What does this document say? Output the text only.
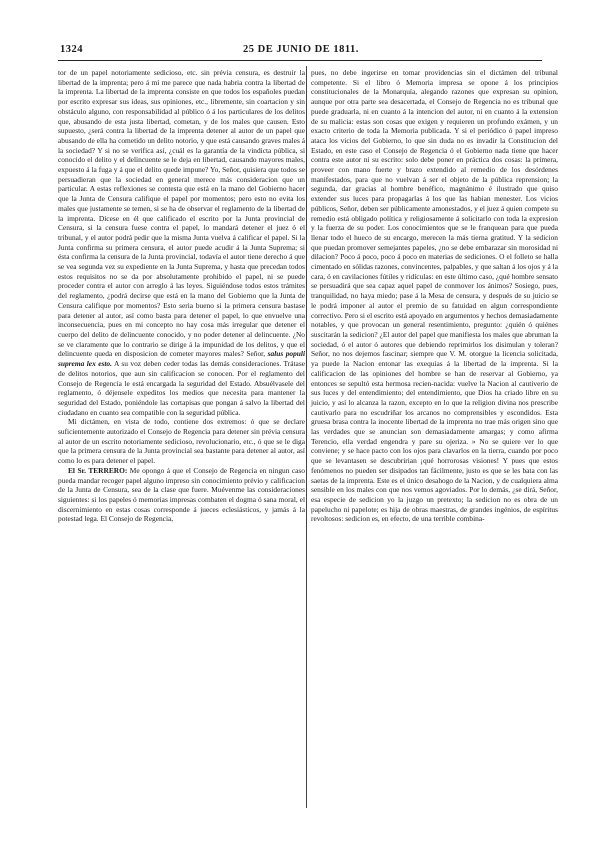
1324	25 DE JUNIO DE 1811.

tor de un papel notoriamente sedicioso, etc. sin prévia censura, es destruir la libertad de la imprenta; pero á mí me parece que nada habria contra la libertad de la imprenta. La libertad de la imprenta consiste en que todos los españoles puedan por escrito expresar sus ideas, sus opiniones, etc., libremente, sin coartacion y sin obstáculo alguno, con responsabilidad al público ó á los particulares de los delitos que, abusando de esta justa libertad, cometan, y de los males que causen. Esto supuesto, ¿será contra la libertad de la imprenta detener al autor de un papel que abusando de ella ha cometido un delito notorio, y que está causando graves males á la sociedad? Y si no se verifica así, ¿cuál es la garantía de la vindicta pública, si conocido el delito y el delincuente se le deja en libertad, causando mayores males, expuesto á la fuga y á que el delito quede impune? Yo, Señor, quisiera que todos se persuadieran que la sociedad en general merece más consideracion que un particular. A estas reflexiones se contesta que está en la mano del Gobierno hacer que la Junta de Censura califique el papel por momentos; pero esto no evita los males que justamente se temen, si se ha de observar el reglamento de la libertad de la imprenta. Dícese en él que calificado el escrito por la Junta provincial de Censura, si la censura fuese contra el papel, lo mandará detener el juez ó el tribunal, y el autor podrá pedir que la misma Junta vuelva á calificar el papel. Si la Junta confirma su primera censura, el autor puede acudir á la Junta Suprema; si ésta confirma la censura de la Junta provincial, todavía el autor tiene derecho á que se vea segunda vez su expediente en la Junta Suprema, y hasta que precedan todos estos requisitos no se da por absolutamente prohibido el papel, ni se puede proceder contra el autor con arreglo á las leyes. Siguiéndose todos estos trámites del reglamento, ¿podrá decirse que está en la mano del Gobierno que la Junta de Censura califique por momentos? Esto seria bueno si la primera censura bastase para detener al autor, así como basta para detener el papel, lo que envuelve una inconsecuencia, pues en mi concepto no hay cosa más irregular que detener el cuerpo del delito de delincuente conocido, y no poder detener al delincuente. ¿No se ve claramente que lo contrario se dirige á la impunidad de los delitos, y que el delincuente queda en disposicion de cometer mayores males? Señor, salus populi suprema lex esto. A su voz deben ceder todas las demás consideraciones. Trátase de delitos notorios, que aun sin calificacion se conocen. Por el reglamento del Consejo de Regencia le está encargada la seguridad del Estado. Absuélvasele del reglamento, ó déjensele expeditos los medios que necesita para mantener la seguridad del Estado, poniéndole las cortapisas que pongan á salvo la libertad del ciudadano en cuanto sea compatible con la seguridad pública.

Mi dictámen, en vista de todo, contiene dos extremos: ó que se declare suficientemente autorizado el Consejo de Regencia para detener sin prévia censura al autor de un escrito notoriamente sedicioso, revolucionario, etc., ó que se le diga que la primera censura de la Junta provincial sea bastante para detener al autor, así como lo es para detener el papel.

El Sr. TERRERO: Me opongo á que el Consejo de Regencia en ningun caso pueda mandar recoger papel alguno impreso sin conocimiento prévio y calificacion de la Junta de Censura, sea de la clase que fuere. Muévenme las consideraciones siguientes: si los papeles ó memorias impresas combaten el dogma ó sana moral, el discernimiento en estas cosas corresponde á jueces eclesiásticos, y jamás á la potestad lega. El Consejo de Regencia,

pues, no debe ingerirse en tomar providencias sin el dictámen del tribunal competente. Si el libro ó Memoria impresa se opone á los principios constitucionales de la Monarquía, alegando razones que expresan su opinion, aunque por otra parte sea desacertada, el Consejo de Regencia no es tribunal que puede graduarla, ni en cuanto á la intencion del autor, ni en cuanto á la extension de su malicia: estas son cosas que exigen y requieren un profundo exámen, y un exacto criterio de toda la Memoria publicada. Y si el periódico ó papel impreso ataca los vicios del Gobierno, lo que sin duda no es invadir la Constitucion del Estado, en este caso el Consejo de Regencia ó el Gobierno nada tiene que hacer contra este autor ni su escrito: solo debe poner en práctica dos cosas: la primera, proveer con mano fuerte y brazo extendido al remedio de los desórdenes manifestados, para que no vuelvan á ser el objeto de la pública reprension; la segunda, dar gracias al hombre benéfico, magnánimo é ilustrado que quiso extender sus luces para propagarlas á los que las habian menester. Los vicios públicos, Señor, deben ser públicamente amonestados, y el juez á quien compete su remedio está obligado política y religiosamente á solicitarlo con toda la expresion y la fuerza de su poder. Los conocimientos que se le franquean para que pueda llenar todo el hueco de su encargo, merecen la más tierna gratitud. Y la sedicion que puedan promover semejantes papeles, ¿no se debe embarazar sin morosidad ni dilacion? Poco á poco, poco á poco en materias de sediciones. O el folleto se halla cimentado en sólidas razones, convincentes, palpables, y que saltan á los ojos y á la cara, ó en cavilaciones fútiles y ridículas: en este último caso, ¿qué hombre sensato se persuadirá que sea capaz aquel papel de conmover los ánimos? Sosiego, pues, tranquilidad, no haya miedo; pase á la Mesa de censura, y después de su juicio se le podrá imponer al autor el premio de su fatuidad en algun correspondiente correctivo. Pero si el escrito está apoyado en argumentos y hechos demasiadamente notables, y que provocan un general resentimiento, pregunto: ¿quién ó quiénes suscitarán la sedicion? ¿El autor del papel que manifiesta los males que abruman la sociedad, ó el autor ó autores que debiendo reprimirlos los disimulan y toleran? Señor, no nos dejemos fascinar; siempre que V. M. otorgue la licencia solicitada, ya puede la Nacion entonar las exequias á la libertad de la imprenta. Si la calificacion de las opiniones del hombre se han de reservar al Gobierno, ya entonces se sepultó esta hermosa recien-nacida: vuelve la Nacion al cautiverio de sus luces y del entendimiento; del entendimiento, que Dios ha criado libre en su juicio, y así lo alcanza la razon, excepto en lo que la religion divina nos prescribe cautivarlo para no escudriñar los arcanos no comprensibles y escondidos. Esta gruesa brasa contra la inocente libertad de la imprenta no trae más origen sino que las verdades que se anuncian son demasiadamente amargas; y como afirma Terencio, ella verdad engendra y pare su ojeriza. » No se quiere ver lo que conviene; y se hace pacto con los ojos para clavarlos en la tierra, cuando por poco que se levantasen se descubririan ¡qué horrorosas visiones! Y pues que estos fenómenos no pueden ser disipados tan fácilmente, justo es que se les bata con las saetas de la imprenta. Este es el único desahogo de la Nacion, y de cualquiera alma sensible en los males con que nos vemos agoviados. Por lo demás, ¿se dirá, Señor, esa especie de sedicion yo la juzgo un pretexto; la sedicion no es obra de un papelucho ni papelote; es hija de obras maestras, de grandes ingénios, de espíritus revoltosos: sedicion es, en efecto, de una terrible combina-
